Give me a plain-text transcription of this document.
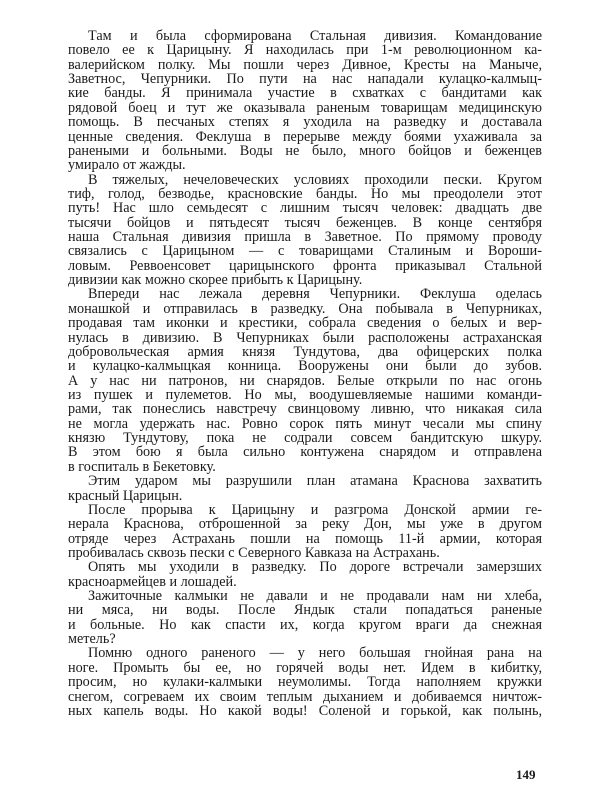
Там и была сформирована Стальная дивизия. Командование
повело ее к Царицыну. Я находилась при 1-м революционном ка-
валерийском полку. Мы пошли через Дивное, Кресты на Маныче,
Заветнос, Чепурники. По пути на нас нападали кулацко-калмыц-
кие банды. Я принимала участие в схватках с бандитами как
рядовой боец и тут же оказывала раненым товарищам медицинскую
помощь. В песчаных степях я уходила на разведку и доставала
ценные сведения. Феклуша в перерыве между боями ухаживала за
ранеными и больными. Воды не было, много бойцов и беженцев
умирало от жажды.
В тяжелых, нечеловеческих условиях проходили пески. Кругом
тиф, голод, безводье, красновские банды. Но мы преодолели этот
путь! Нас шло семьдесят с лишним тысяч человек: двадцать две
тысячи бойцов и пятьдесят тысяч беженцев. В конце сентября
наша Стальная дивизия пришла в Заветное. По прямому проводу
связались с Царицыном — с товарищами Сталиным и Вороши-
ловым. Реввоенсовет царицынского фронта приказывал Стальной
дивизии как можно скорее прибыть к Царицыну.
Впереди нас лежала деревня Чепурники. Феклуша оделась
монашкой и отправилась в разведку. Она побывала в Чепурниках,
продавая там иконки и крестики, собрала сведения о белых и вер-
нулась в дивизию. В Чепурниках были расположены астраханская
добровольческая армия князя Тундутова, два офицерских полка
и кулацко-калмыцкая конница. Вооружены они были до зубов.
А у нас ни патронов, ни снарядов. Белые открыли по нас огонь
из пушек и пулеметов. Но мы, воодушевляемые нашими команди-
рами, так понеслись навстречу свинцовому ливню, что никакая сила
не могла удержать нас. Ровно сорок пять минут чесали мы спину
князю Тундутову, пока не содрали совсем бандитскую шкуру.
В этом бою я была сильно контужена снарядом и отправлена
в госпиталь в Бекетовку.
Этим ударом мы разрушили план атамана Краснова захватить
красный Царицын.
После прорыва к Царицыну и разгрома Донской армии ге-
нерала Краснова, отброшенной за реку Дон, мы уже в другом
отряде через Астрахань пошли на помощь 11-й армии, которая
пробивалась сквозь пески с Северного Кавказа на Астрахань.
Опять мы уходили в разведку. По дороге встречали замерзших
красноармейцев и лошадей.
Зажиточные калмыки не давали и не продавали нам ни хлеба,
ни мяса, ни воды. После Яндык стали попадаться раненые
и больные. Но как спасти их, когда кругом враги да снежная
метель?
Помню одного раненого — у него большая гнойная рана на
ноге. Промыть бы ее, но горячей воды нет. Идем в кибитку,
просим, но кулаки-калмыки неумолимы. Тогда наполняем кружки
снегом, согреваем их своим теплым дыханием и добиваемся ничтож-
ных капель воды. Но какой воды! Соленой и горькой, как полынь,
149
